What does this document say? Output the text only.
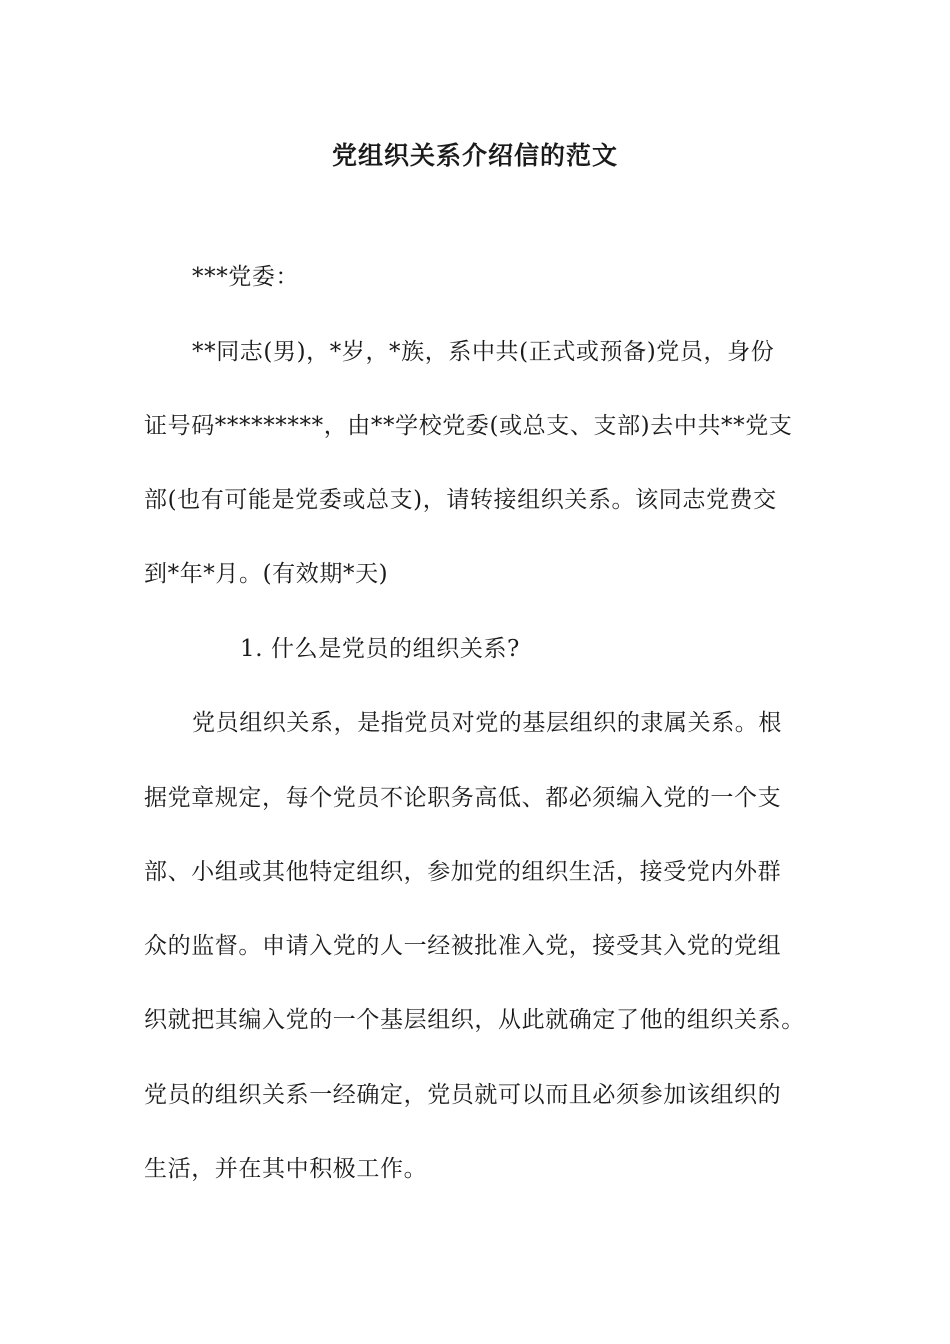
党组织关系介绍信的范文
***党委：
**同志(男)，*岁，*族，系中共(正式或预备)党员，身份
证号码*********，由**学校党委(或总支、支部)去中共**党支
部(也有可能是党委或总支)，请转接组织关系。该同志党费交
到*年*月。(有效期*天)
1. 什么是党员的组织关系?
党员组织关系，是指党员对党的基层组织的隶属关系。根
据党章规定，每个党员不论职务高低、都必须编入党的一个支
部、小组或其他特定组织，参加党的组织生活，接受党内外群
众的监督。申请入党的人一经被批准入党，接受其入党的党组
织就把其编入党的一个基层组织，从此就确定了他的组织关系。
党员的组织关系一经确定，党员就可以而且必须参加该组织的
生活，并在其中积极工作。
